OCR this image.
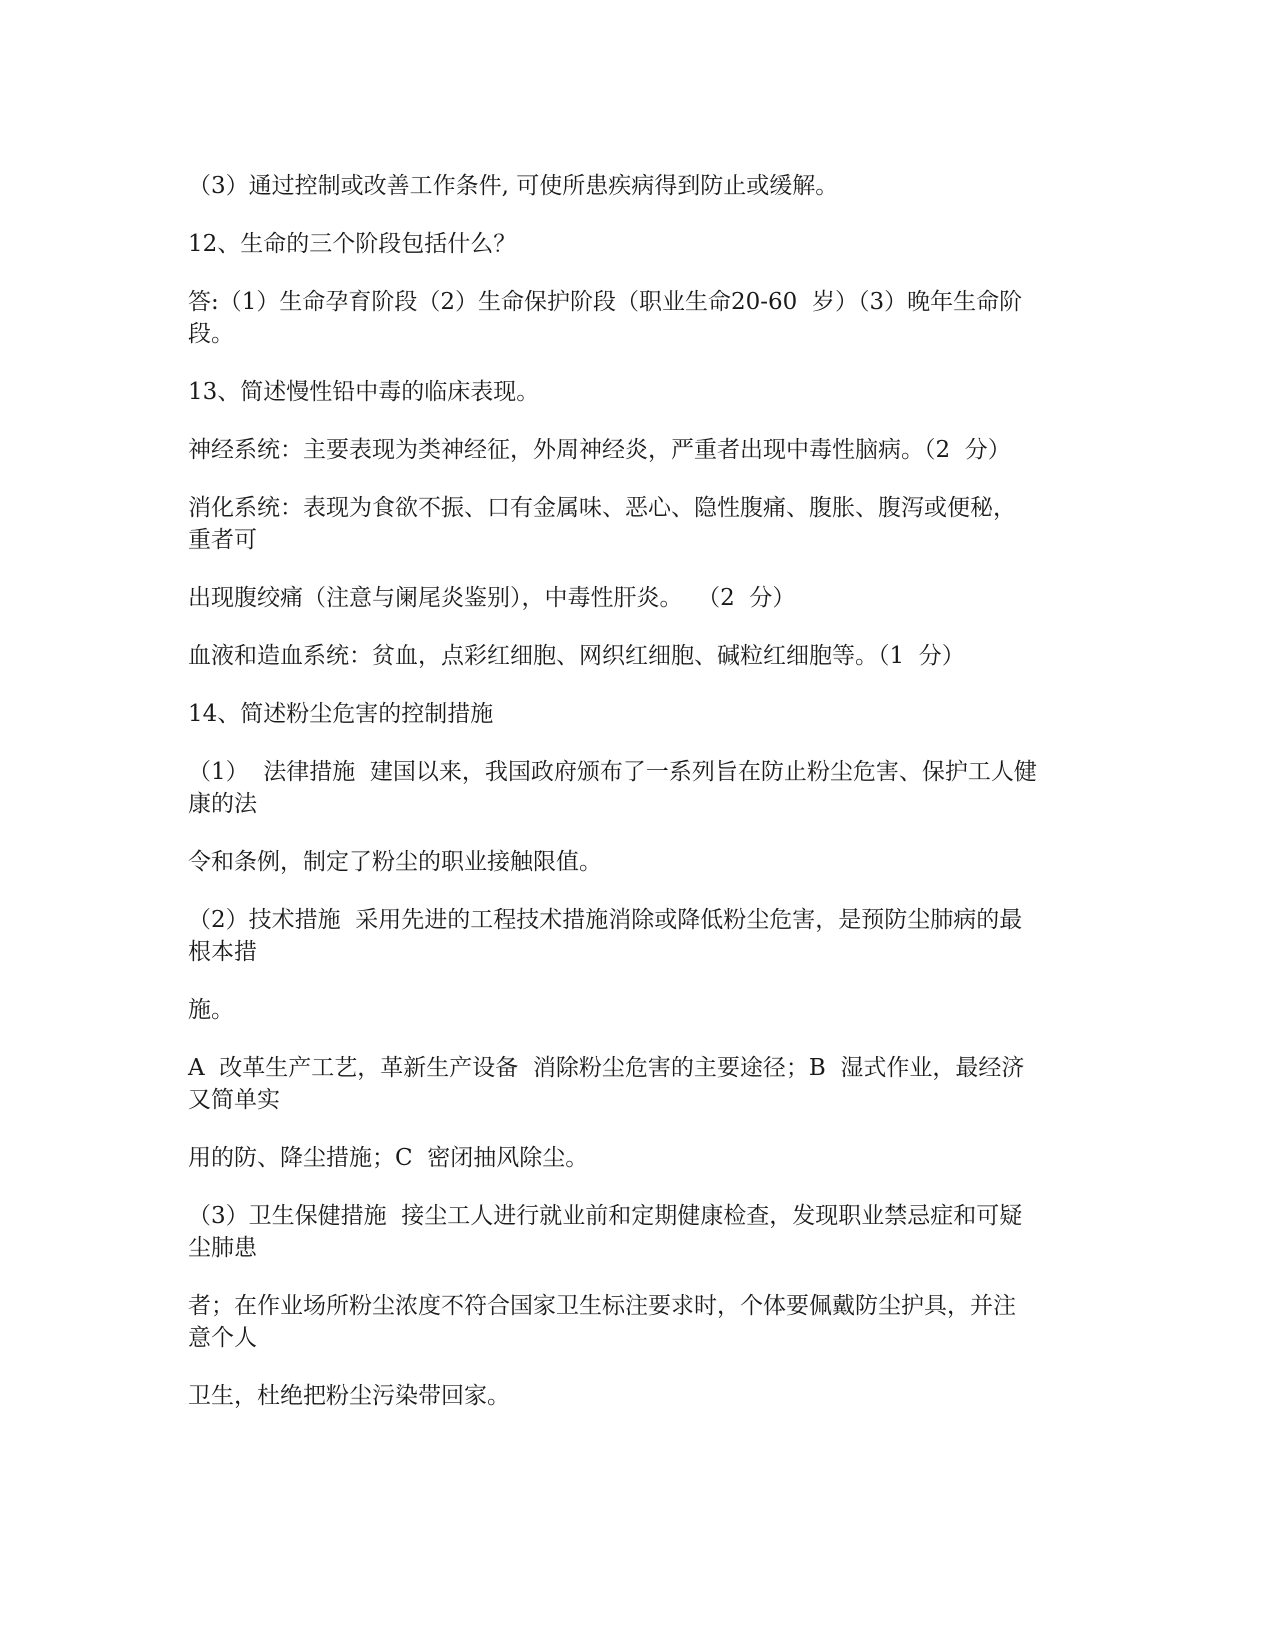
（3）通过控制或改善工作条件, 可使所患疾病得到防止或缓解。

12、生命的三个阶段包括什么？

答:（1）生命孕育阶段（2）生命保护阶段（职业生命20-60  岁）（3）晚年生命阶

段。

13、简述慢性铅中毒的临床表现。

神经系统：主要表现为类神经征，外周神经炎，严重者出现中毒性脑病。（2  分）

消化系统：表现为食欲不振、口有金属味、恶心、隐性腹痛、腹胀、腹泻或便秘，

重者可

出现腹绞痛（注意与阑尾炎鉴别），中毒性肝炎。  （2  分）

血液和造血系统：贫血，点彩红细胞、网织红细胞、碱粒红细胞等。（1  分）

14、简述粉尘危害的控制措施

（1）  法律措施  建国以来，我国政府颁布了一系列旨在防止粉尘危害、保护工人健

康的法

令和条例，制定了粉尘的职业接触限值。

（2）技术措施  采用先进的工程技术措施消除或降低粉尘危害，是预防尘肺病的最

根本措

施。

A  改革生产工艺，革新生产设备  消除粉尘危害的主要途径；B  湿式作业，最经济

又简单实

用的防、降尘措施；C  密闭抽风除尘。

（3）卫生保健措施  接尘工人进行就业前和定期健康检查，发现职业禁忌症和可疑

尘肺患

者；在作业场所粉尘浓度不符合国家卫生标注要求时，个体要佩戴防尘护具，并注

意个人

卫生，杜绝把粉尘污染带回家。
